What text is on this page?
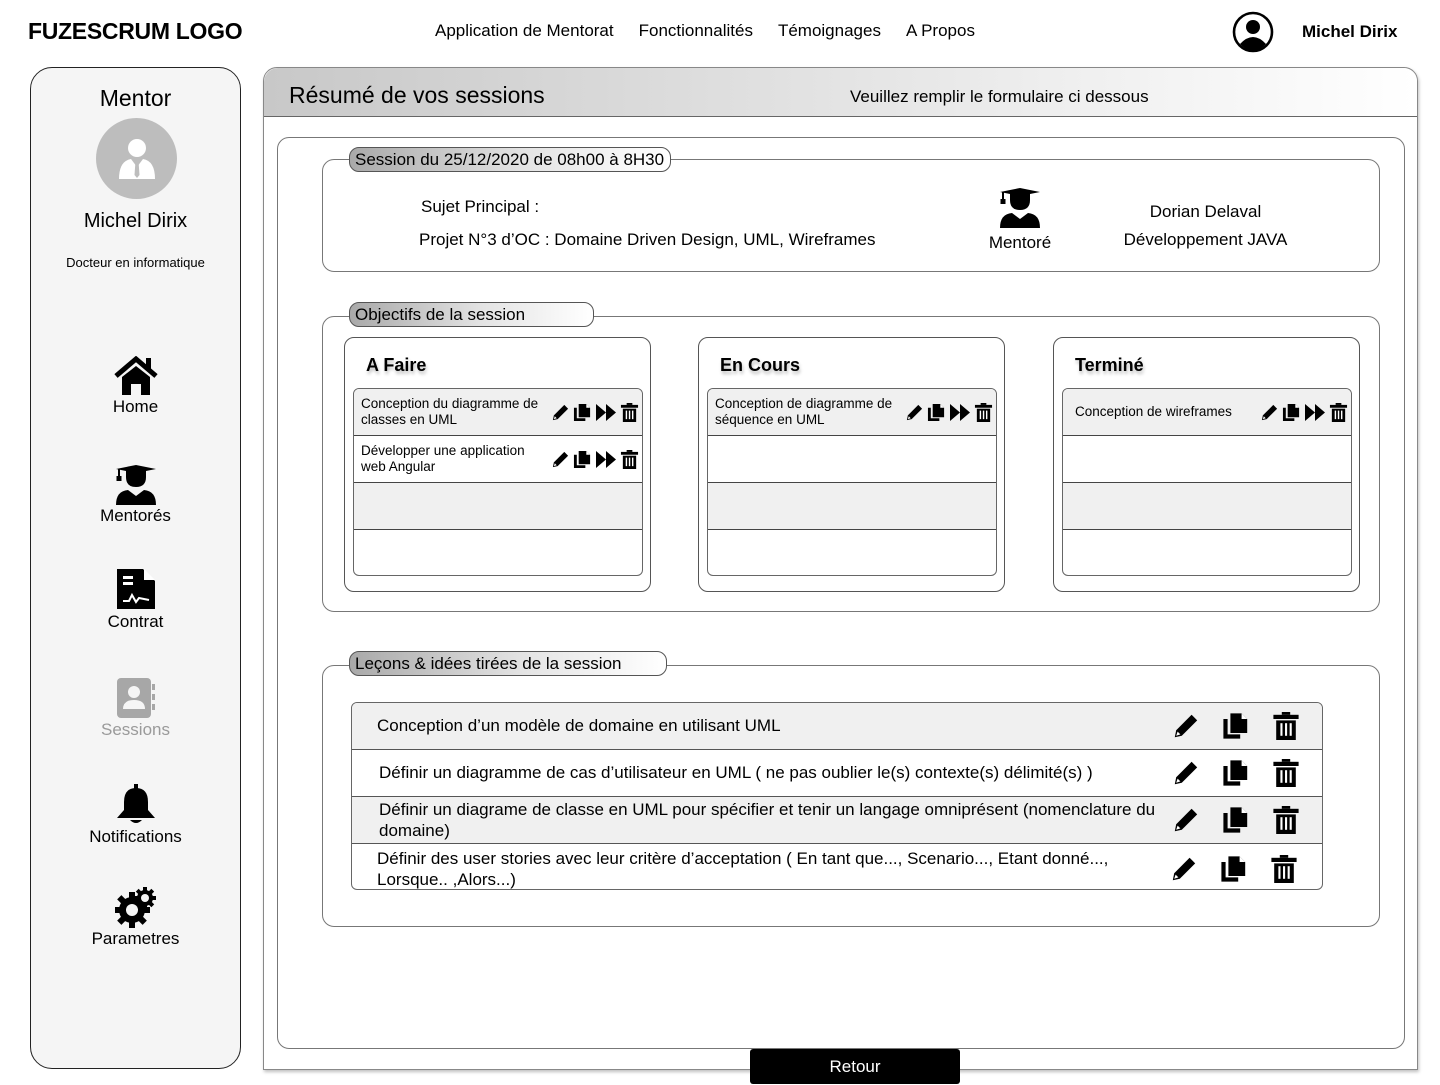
FUZESCRUM LOGO	Application de Mentorat Fonctionnalités Témoignages A Propos	Michel Dirix
Mentor
Michel Dirix
Docteur en informatique
Home
Mentorés
Contrat
Sessions
Notifications
Parametres
Résumé de vos sessions	Veuillez remplir le formulaire ci dessous
Session du 25/12/2020 de 08h00 à 8H30
Sujet Principal :
Projet N°3 d’OC : Domaine Driven Design, UML, Wireframes	Mentoré
Dorian Delaval
Développement JAVA
Objectifs de la session
A Faire
Conception du diagramme de classes en UML
Développer une application web Angular
En Cours
Conception de diagramme de séquence en UML
Terminé
Conception de wireframes
Leçons & idées tirées de la session
Conception d’un modèle de domaine en utilisant UML
Définir un diagramme de cas d’utilisateur en UML ( ne pas oublier le(s) contexte(s) délimité(s) )
Définir un diagrame de classe en UML pour spécifier et tenir un langage omniprésent (nomenclature du domaine)
Définir des user stories avec leur critère d’acceptation ( En tant que..., Scenario..., Etant donné..., Lorsque.. ,Alors...)
Retour
